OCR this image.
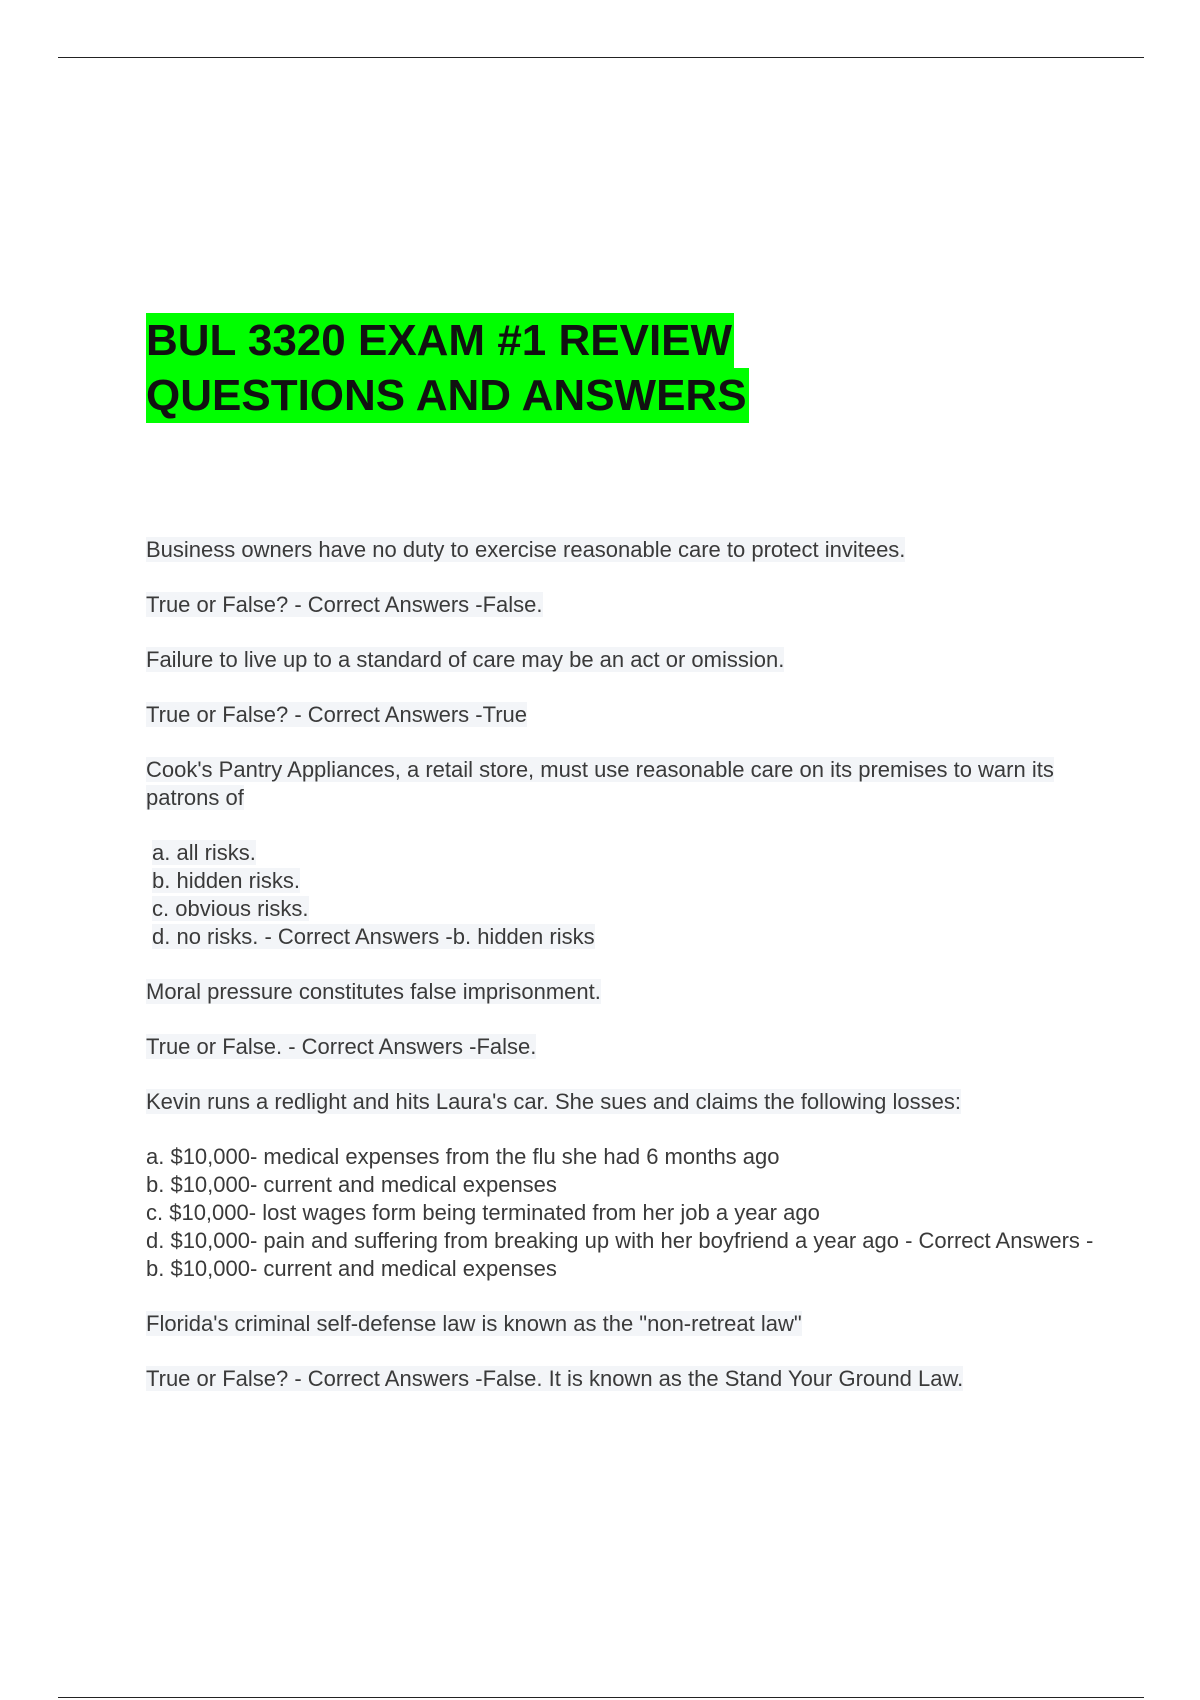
BUL 3320 EXAM #1 REVIEW
QUESTIONS AND ANSWERS

Business owners have no duty to exercise reasonable care to protect invitees.

True or False? - Correct Answers -False.

Failure to live up to a standard of care may be an act or omission.

True or False? - Correct Answers -True

Cook's Pantry Appliances, a retail store, must use reasonable care on its premises to warn its patrons of

a. all risks.
b. hidden risks.
c. obvious risks.
d. no risks. - Correct Answers -b. hidden risks

Moral pressure constitutes false imprisonment.

True or False. - Correct Answers -False.

Kevin runs a redlight and hits Laura's car. She sues and claims the following losses:

a. $10,000- medical expenses from the flu she had 6 months ago
b. $10,000- current and medical expenses
c. $10,000- lost wages form being terminated from her job a year ago
d. $10,000- pain and suffering from breaking up with her boyfriend a year ago - Correct Answers -b. $10,000- current and medical expenses

Florida's criminal self-defense law is known as the "non-retreat law"

True or False? - Correct Answers -False. It is known as the Stand Your Ground Law.
